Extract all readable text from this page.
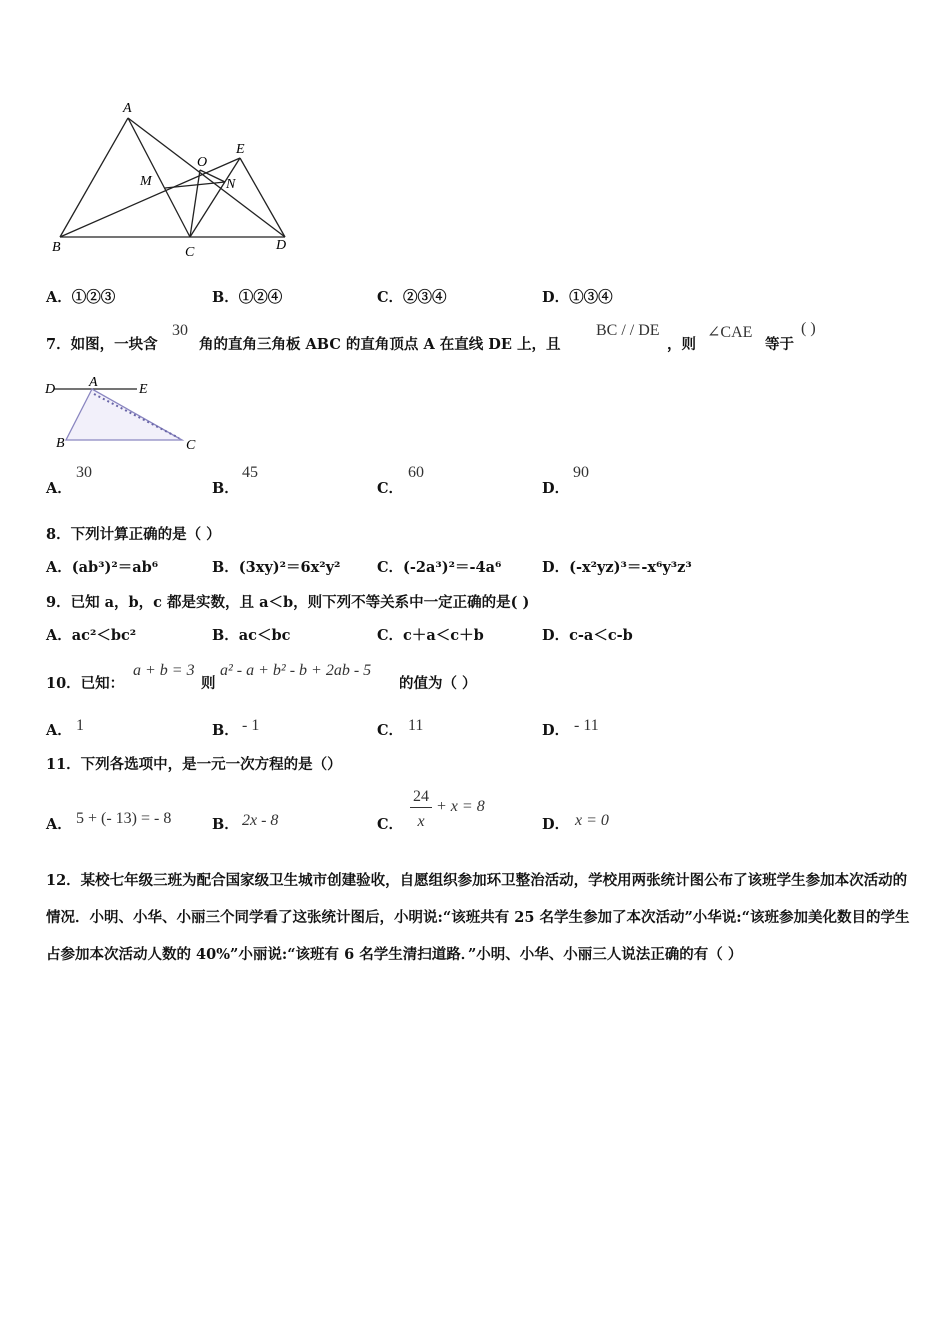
A
O
E
M	N
B	C	D
A．①②③	B．①②④	C．②③④	D．①③④
7．如图，一块含
30
角的直角三角板 ABC 的直角顶点 A 在直线 DE 上，且
BC / / DE
，则
∠CAE
等于
( )
D A	E
B	C
A．
30
B．
45
C．
60
D．
90
8．下列计算正确的是（ ）
A．(ab³)²＝ab⁶	B．(3xy)²＝6x²y²	C．(-2a³)²＝-4a⁶	D．(-x²yz)³＝-x⁶y³z³
9．已知 a，b，c 都是实数，且 a＜b，则下列不等关系中一定正确的是( )
A．ac²＜bc²	B．ac＜bc	C．c＋a＜c＋b	D．c-a＜c-b
10．已知：
a + b = 3
则
a² - a + b² - b + 2ab - 5
的值为（ ）
A． 1	B． - 1	C． 11	D． - 11
11．下列各选项中，是一元一次方程的是（）
A． 5 + (- 13) = - 8	B． 2x - 8	C．
24
x
+ x = 8
D． x = 0
12．某校七年级三班为配合国家级卫生城市创建验收，自愿组织参加环卫整治活动，学校用两张统计图公布了该班学生参加本次活动的情况．小明、小华、小丽三个同学看了这张统计图后，小明说:“该班共有 25 名学生参加了本次活动”小华说:“该班参加美化数目的学生占参加本次活动人数的 40%”小丽说:“该班有 6 名学生清扫道路．”小明、小华、小丽三人说法正确的有（ ）
